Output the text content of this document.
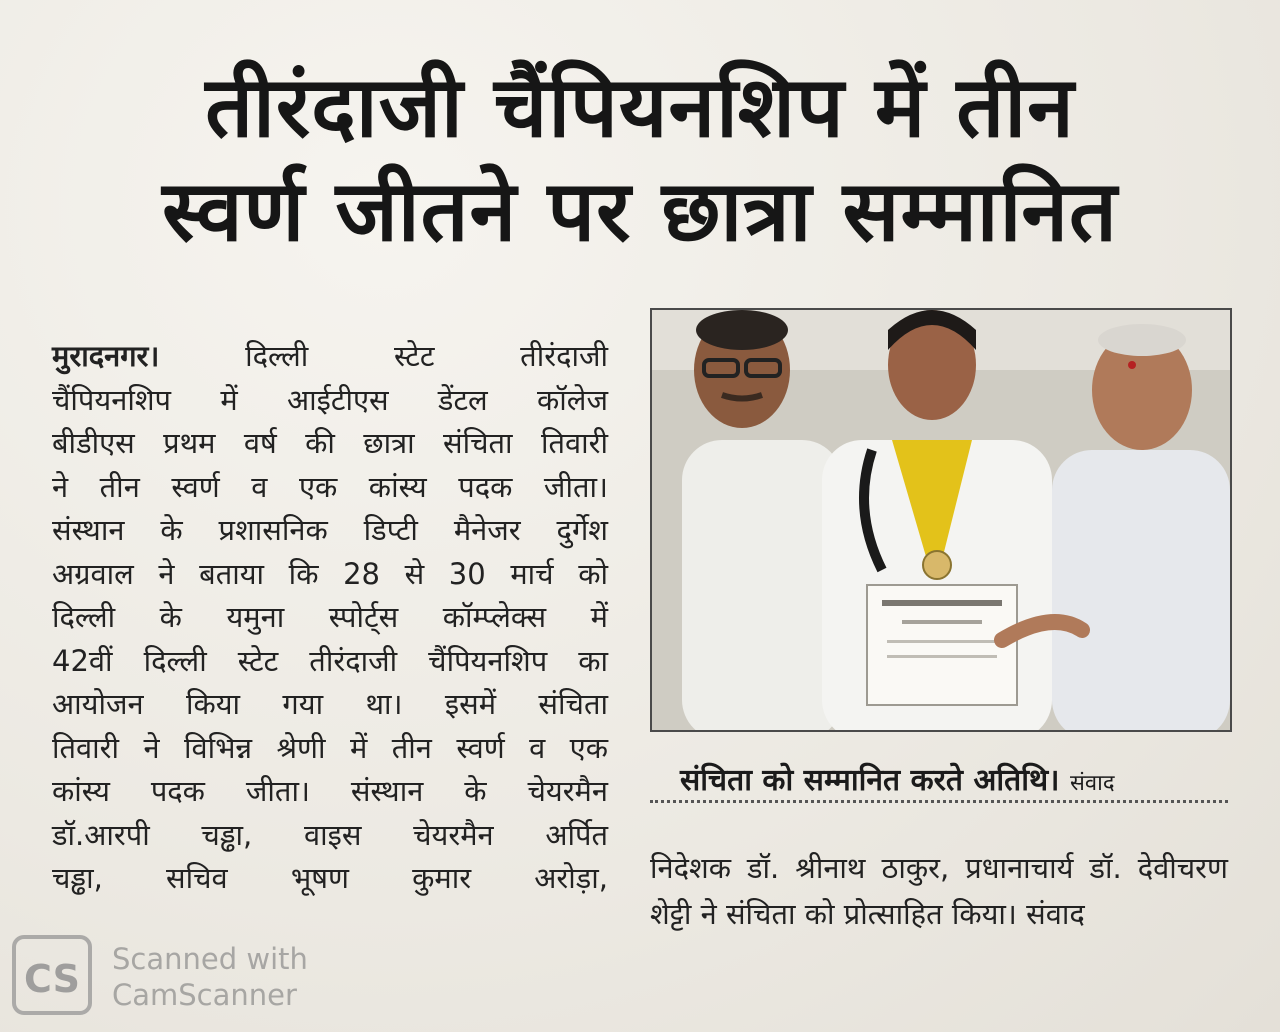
तीरंदाजी चैंपियनशिप में तीन
स्वर्ण जीतने पर छात्रा सम्मानित
मुरादनगर।	दिल्ली स्टेट तीरंदाजी
चैंपियनशिप में आईटीएस डेंटल कॉलेज
बीडीएस प्रथम वर्ष की छात्रा संचिता तिवारी
ने तीन स्वर्ण व एक कांस्य पदक जीता।
संस्थान के प्रशासनिक डिप्टी मैनेजर दुर्गेश
अग्रवाल ने बताया कि 28 से 30 मार्च को
दिल्ली के यमुना स्पोर्ट्स कॉम्प्लेक्स में
42वीं दिल्ली स्टेट तीरंदाजी चैंपियनशिप का
आयोजन किया गया था। इसमें संचिता
तिवारी ने विभिन्न श्रेणी में तीन स्वर्ण व एक
कांस्य पदक जीता। संस्थान के चेयरमैन
डॉ.आरपी चड्ढा, वाइस चेयरमैन अर्पित
चड्ढा, सचिव भूषण कुमार अरोड़ा,
संचिता को सम्मानित करते अतिथि। संवाद
निदेशक डॉ. श्रीनाथ ठाकुर, प्रधानाचार्य डॉ. देवीचरण शेट्टी ने संचिता को प्रोत्साहित किया। संवाद
CS	Scanned with
CamScanner
